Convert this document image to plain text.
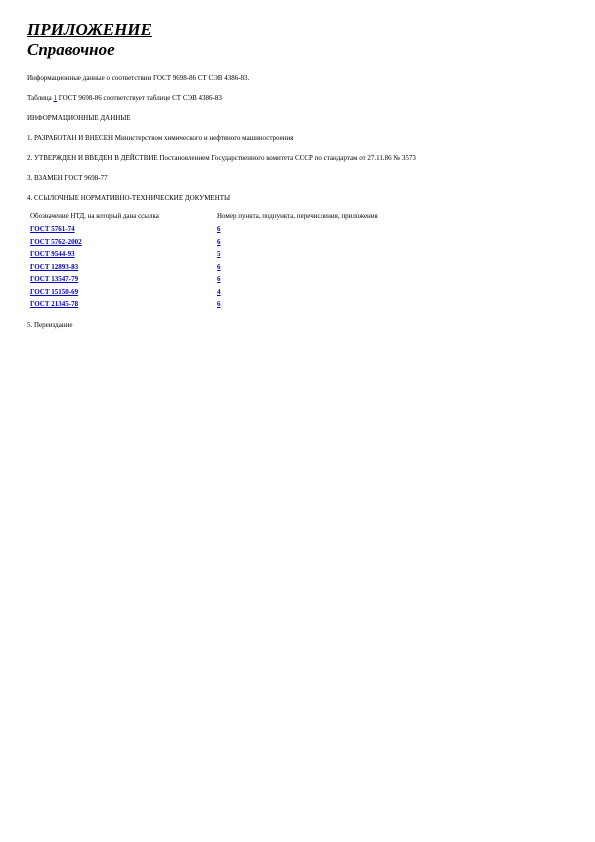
ПРИЛОЖЕНИЕ
Справочное
Информационные данные о соответствии ГОСТ 9698-86 СТ СЭВ 4386-83.
Таблица 1 ГОСТ 9698-86 соответствует таблице СТ СЭВ 4386-83
ИНФОРМАЦИОННЫЕ ДАННЫЕ
1. РАЗРАБОТАН И ВНЕСЕН Министерством химического и нефтяного машиностроения
2. УТВЕРЖДЕН И ВВЕДЕН В ДЕЙСТВИЕ Постановлением Государственного комитета СССР по стандартам от 27.11.86 № 3573
3. ВЗАМЕН ГОСТ 9698-77
4. ССЫЛОЧНЫЕ НОРМАТИВНО-ТЕХНИЧЕСКИЕ ДОКУМЕНТЫ
Обозначение НТД, на который дана ссылка	Номер пункта, подпункта, перечисления, приложения
ГОСТ 5761-74	6
ГОСТ 5762-2002	6
ГОСТ 9544-93	5
ГОСТ 12893-83	6
ГОСТ 13547-79	6
ГОСТ 15150-69	4
ГОСТ 21345-78	6
5. Переиздание
